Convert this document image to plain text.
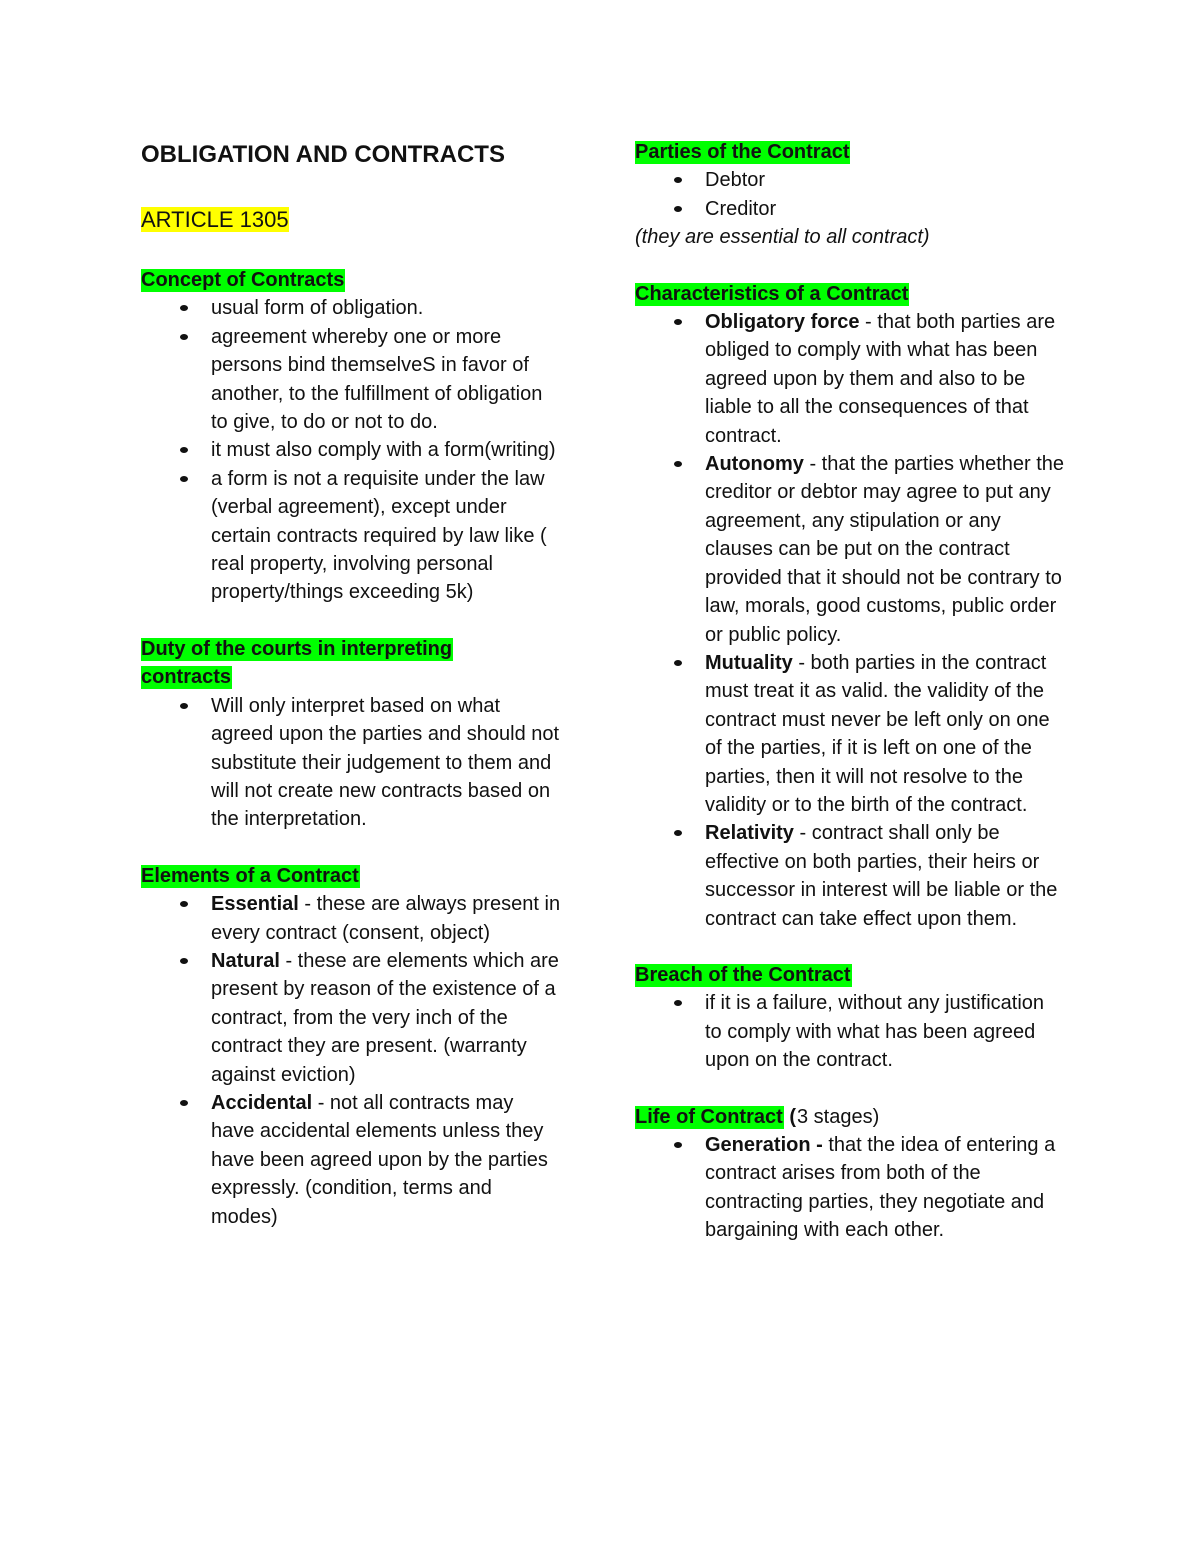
OBLIGATION AND CONTRACTS

ARTICLE 1305

Concept of Contracts

usual form of obligation.
agreement whereby one or more persons bind themselveS in favor of another, to the fulfillment of obligation to give, to do or not to do.
it must also comply with a form(writing)
a form is not a requisite under the law (verbal agreement), except under certain contracts required by law like ( real property, involving personal property/things exceeding 5k)

Duty of the courts in interpreting
contracts

Will only interpret based on what agreed upon the parties and should not substitute their judgement to them and will not create new contracts based on the interpretation.

Elements of a Contract

Essential - these are always present in every contract (consent, object)
Natural - these are elements which are present by reason of the existence of a contract, from the very inch of the contract they are present. (warranty against eviction)
Accidental - not all contracts may have accidental elements unless they have been agreed upon by the parties expressly. (condition, terms and modes)

Parties of the Contract

Debtor
Creditor

(they are essential to all contract)

Characteristics of a Contract

Obligatory force - that both parties are obliged to comply with what has been agreed upon by them and also to be liable to all the consequences of that contract.
Autonomy - that the parties whether the creditor or debtor may agree to put any agreement, any stipulation or any clauses can be put on the contract provided that it should not be contrary to law, morals, good customs, public order or public policy.
Mutuality - both parties in the contract must treat it as valid. the validity of the contract must never be left only on one of the parties, if it is left on one of the parties, then it will not resolve to the validity or to the birth of the contract.
Relativity - contract shall only be effective on both parties, their heirs or successor in interest will be liable or the contract can take effect upon them.

Breach of the Contract

if it is a failure, without any justification to comply with what has been agreed upon on the contract.

Life of Contract (3 stages)

Generation - that the idea of entering a contract arises from both of the contracting parties, they negotiate and bargaining with each other.
